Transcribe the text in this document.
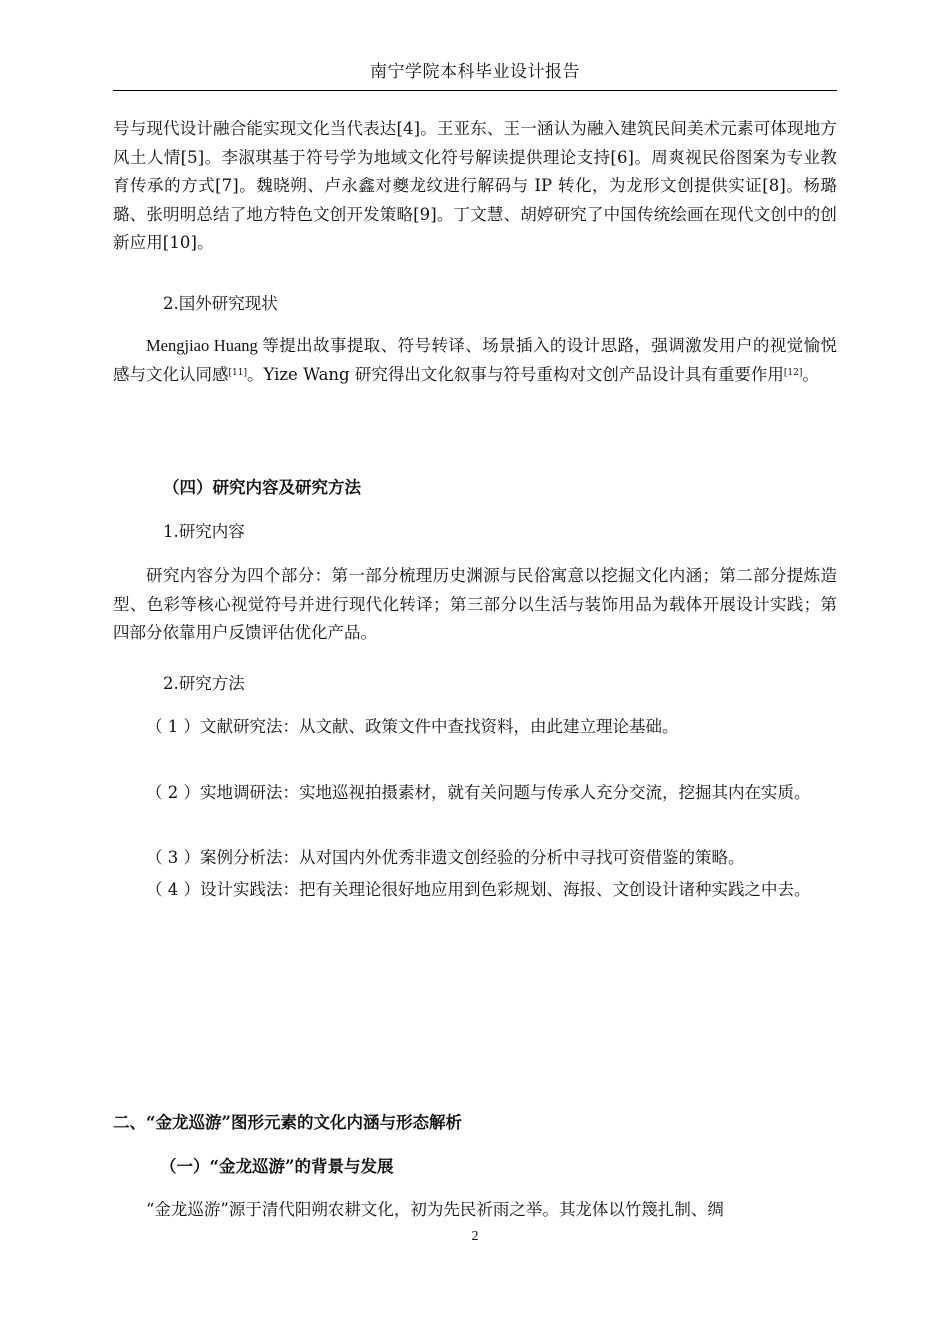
南宁学院本科毕业设计报告

号与现代设计融合能实现文化当代表达[4]。王亚东、王一涵认为融入建筑民间美术元素可体现地方风土人情[5]。李淑琪基于符号学为地域文化符号解读提供理论支持[6]。周爽视民俗图案为专业教育传承的方式[7]。魏晓朔、卢永鑫对夔龙纹进行解码与 IP 转化，为龙形文创提供实证[8]。杨璐璐、张明明总结了地方特色文创开发策略[9]。丁文慧、胡婷研究了中国传统绘画在现代文创中的创新应用[10]。

2.国外研究现状

Mengjiao Huang 等提出故事提取、符号转译、场景插入的设计思路，强调激发用户的视觉愉悦感与文化认同感[11]。Yize Wang 研究得出文化叙事与符号重构对文创产品设计具有重要作用[12]。

（四）研究内容及研究方法
1.研究内容

研究内容分为四个部分：第一部分梳理历史渊源与民俗寓意以挖掘文化内涵；第二部分提炼造型、色彩等核心视觉符号并进行现代化转译；第三部分以生活与装饰用品为载体开展设计实践；第四部分依靠用户反馈评估优化产品。

2.研究方法

（ 1 ）文献研究法：从文献、政策文件中查找资料，由此建立理论基础。

（ 2 ）实地调研法：实地巡视拍摄素材，就有关问题与传承人充分交流，挖掘其内在实质。

（ 3 ）案例分析法：从对国内外优秀非遗文创经验的分析中寻找可资借鉴的策略。

（ 4 ）设计实践法：把有关理论很好地应用到色彩规划、海报、文创设计诸种实践之中去。

二、“金龙巡游”图形元素的文化内涵与形态解析
（一）“金龙巡游”的背景与发展

“金龙巡游”源于清代阳朔农耕文化，初为先民祈雨之举。其龙体以竹篾扎制、绸

2
